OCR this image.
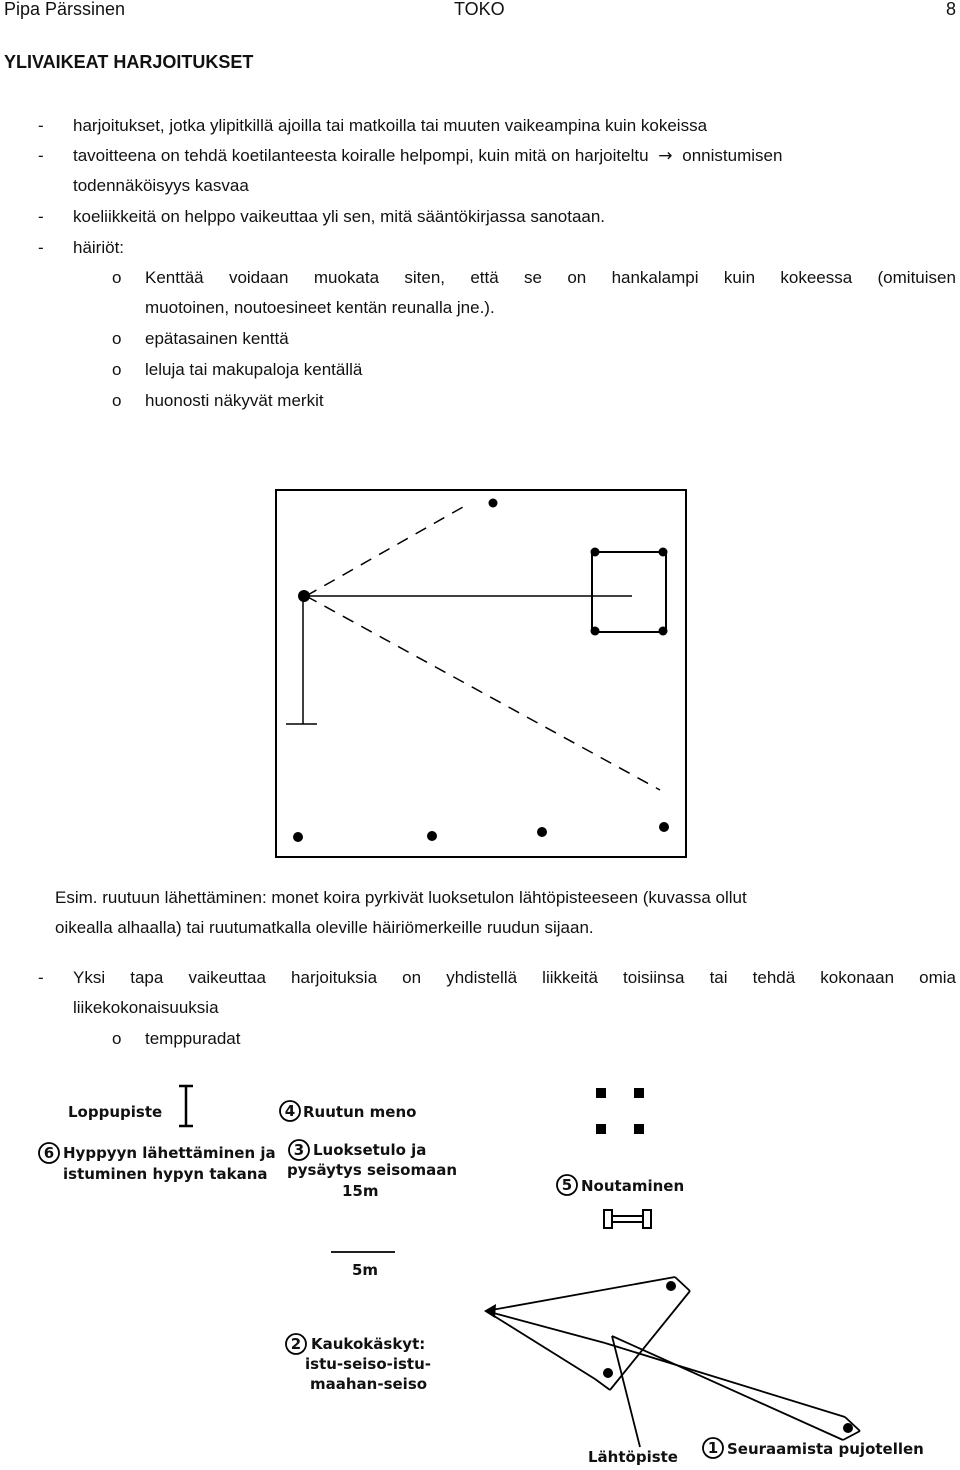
Pipa Pärssinen	TOKO	8
YLIVAIKEAT HARJOITUKSET
- harjoitukset, jotka ylipitkillä ajoilla tai matkoilla tai muuten vaikeampina kuin kokeissa
- tavoitteena on tehdä koetilanteesta koiralle helpompi, kuin mitä on harjoiteltu → onnistumisen
todennäköisyys kasvaa
- koeliikkeitä on helppo vaikeuttaa yli sen, mitä sääntökirjassa sanotaan.
- häiriöt:
o Kenttää voidaan muokata siten, että se on hankalampi kuin kokeessa (omituisen
muotoinen, noutoesineet kentän reunalla jne.).
o epätasainen kenttä
o leluja tai makupaloja kentällä
o huonosti näkyvät merkit
Esim. ruutuun lähettäminen: monet koira pyrkivät luoksetulon lähtöpisteeseen (kuvassa ollut
oikealla alhaalla) tai ruutumatkalla oleville häiriömerkeille ruudun sijaan.
- Yksi tapa vaikeuttaa harjoituksia on yhdistellä liikkeitä toisiinsa tai tehdä kokonaan omia
liikekokonaisuuksia
o temppuradat
Loppupiste
6 Hyppyyn lähettäminen ja
istuminen hypyn takana
4 Ruutun meno
3 Luoksetulo ja
pysäytys seisomaan
15m	5 Noutaminen
5m
2 Kaukokäskyt:
istu-seiso-istu-
maahan-seiso
Lähtöpiste 1 Seuraamista pujotellen
